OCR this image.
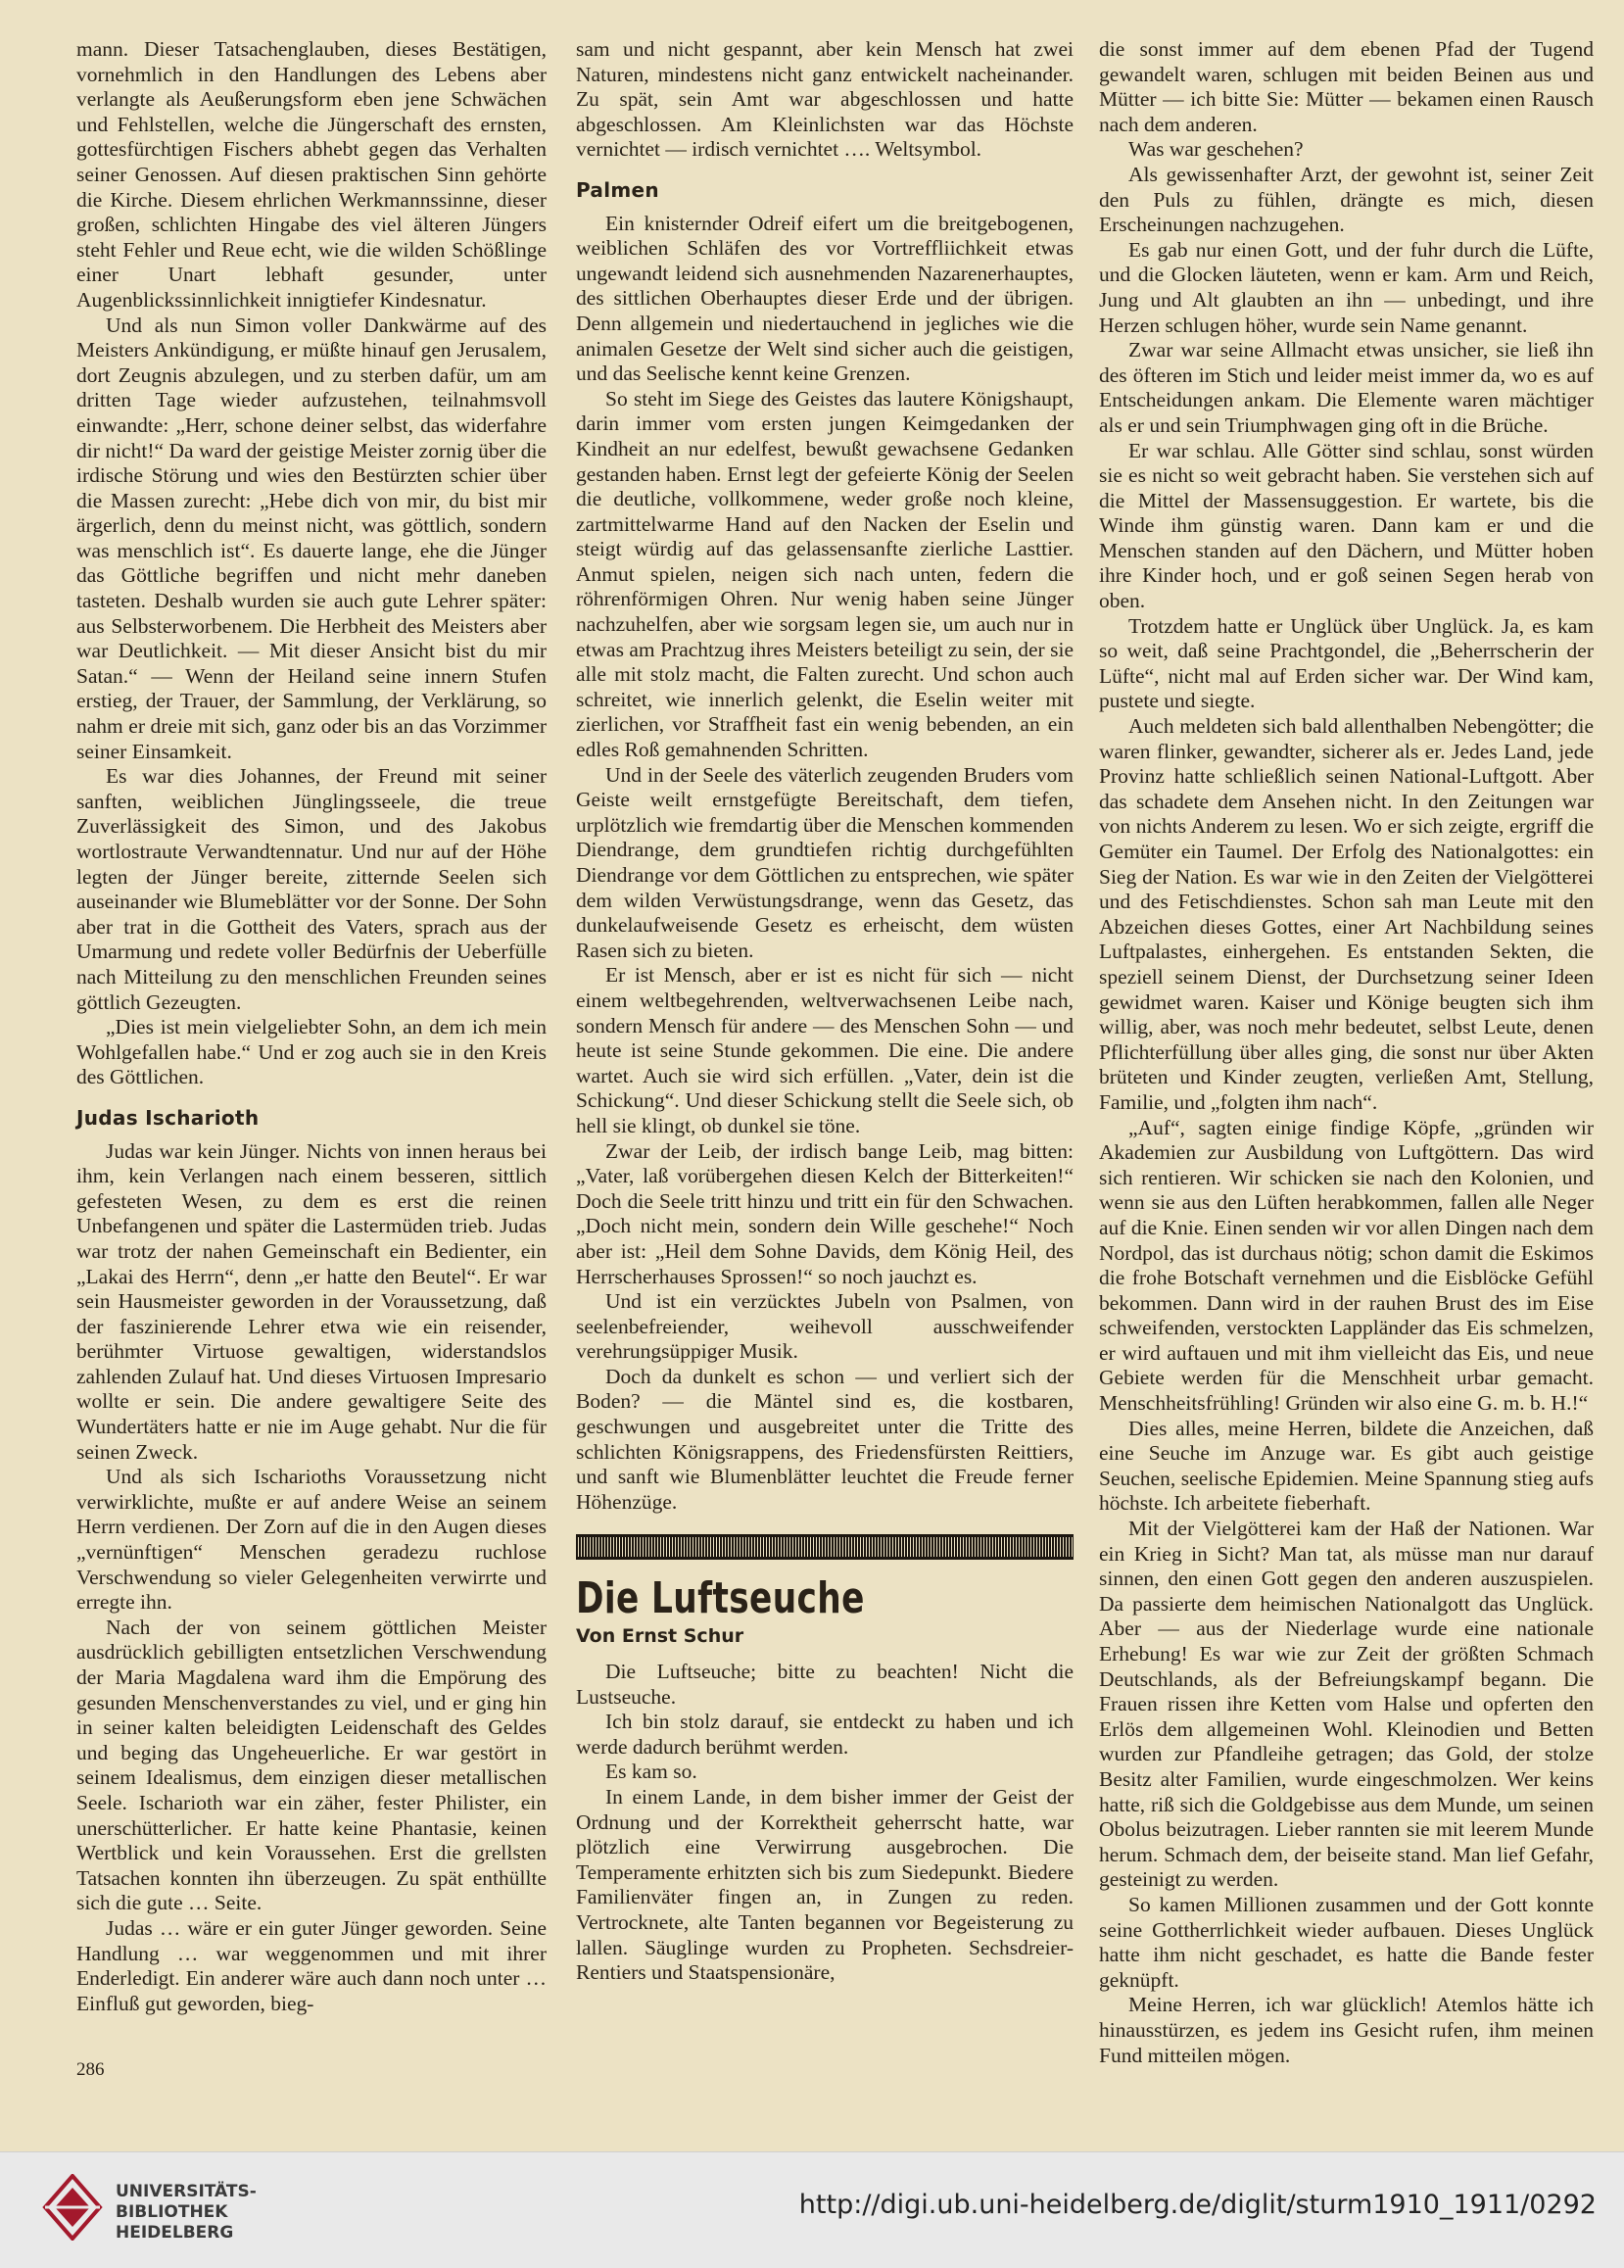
mann. Dieser Tatsachenglauben, dieses Bestätigen, vornehmlich in den Handlungen des Lebens aber verlangte als Aeußerungsform eben jene Schwächen und Fehlstellen, welche die Jüngerschaft des ernsten, gottesfürchtigen Fischers abhebt gegen das Verhalten seiner Genossen. Auf diesen praktischen Sinn gehörte die Kirche. Diesem ehrlichen Werkmannssinne, dieser großen, schlichten Hingabe des viel älteren Jüngers steht Fehler und Reue echt, wie die wilden Schößlinge einer Unart lebhaft gesunder, unter Augenblickssinnlichkeit innigtiefer Kindesnatur.

Und als nun Simon voller Dankwärme auf des Meisters Ankündigung, er müßte hinauf gen Jerusalem, dort Zeugnis abzulegen, und zu sterben dafür, um am dritten Tage wieder aufzustehen, teilnahmsvoll einwandte: „Herr, schone deiner selbst, das widerfahre dir nicht!“ Da ward der geistige Meister zornig über die irdische Störung und wies den Bestürzten schier über die Massen zurecht: „Hebe dich von mir, du bist mir ärgerlich, denn du meinst nicht, was göttlich, sondern was menschlich ist“. Es dauerte lange, ehe die Jünger das Göttliche begriffen und nicht mehr daneben tasteten. Deshalb wurden sie auch gute Lehrer später: aus Selbsterworbenem. Die Herbheit des Meisters aber war Deutlichkeit. — Mit dieser Ansicht bist du mir Satan.“ — Wenn der Heiland seine innern Stufen erstieg, der Trauer, der Sammlung, der Verklärung, so nahm er dreie mit sich, ganz oder bis an das Vorzimmer seiner Einsamkeit.

Es war dies Johannes, der Freund mit seiner sanften, weiblichen Jünglingsseele, die treue Zuverlässigkeit des Simon, und des Jakobus wortlostraute Verwandtennatur. Und nur auf der Höhe legten der Jünger bereite, zitternde Seelen sich auseinander wie Blumeblätter vor der Sonne. Der Sohn aber trat in die Gottheit des Vaters, sprach aus der Umarmung und redete voller Bedürfnis der Ueberfülle nach Mitteilung zu den menschlichen Freunden seines göttlich Gezeugten.

„Dies ist mein vielgeliebter Sohn, an dem ich mein Wohlgefallen habe.“ Und er zog auch sie in den Kreis des Göttlichen.

Judas Ischarioth

Judas war kein Jünger. Nichts von innen heraus bei ihm, kein Verlangen nach einem besseren, sittlich gefesteten Wesen, zu dem es erst die reinen Unbefangenen und später die Lastermüden trieb. Judas war trotz der nahen Gemeinschaft ein Bedienter, ein „Lakai des Herrn“, denn „er hatte den Beutel“. Er war sein Hausmeister geworden in der Voraussetzung, daß der faszinierende Lehrer etwa wie ein reisender, berühmter Virtuose gewaltigen, widerstandslos zahlenden Zulauf hat. Und dieses Virtuosen Impresario wollte er sein. Die andere gewaltigere Seite des Wundertäters hatte er nie im Auge gehabt. Nur die für seinen Zweck.

Und als sich Ischarioths Voraussetzung nicht verwirklichte, mußte er auf andere Weise an seinem Herrn verdienen. Der Zorn auf die in den Augen dieses „vernünftigen“ Menschen geradezu ruchlose Verschwendung so vieler Gelegenheiten verwirrte und erregte ihn.

Nach der von seinem göttlichen Meister ausdrücklich gebilligten entsetzlichen Verschwendung der Maria Magdalena ward ihm die Empörung des gesunden Menschenverstandes zu viel, und er ging hin in seiner kalten beleidigten Leidenschaft des Geldes und beging das Ungeheuerliche. Er war gestört in seinem Idealismus, dem einzigen dieser metallischen Seele. Ischarioth war ein zäher, fester Philister, ein unerschütterlicher. Er hatte keine Phantasie, keinen Wertblick und kein Voraussehen. Erst die grellsten Tatsachen konnten ihn überzeugen. Zu spät enthüllte sich die gute … Seite.

Judas … wäre er ein guter Jünger geworden. Seine Handlung … war weggenommen und mit ihrer Enderledigt. Ein anderer wäre auch dann noch unter … Einfluß gut geworden, bieg-

sam und nicht gespannt, aber kein Mensch hat zwei Naturen, mindestens nicht ganz entwickelt nacheinander. Zu spät, sein Amt war abgeschlossen und hatte abgeschlossen. Am Kleinlichsten war das Höchste vernichtet — irdisch vernichtet …. Weltsymbol.

Palmen

Ein knisternder Odreif eifert um die breitgebogenen, weiblichen Schläfen des vor Vortreffliichkeit etwas ungewandt leidend sich ausnehmenden Nazarenerhauptes, des sittlichen Oberhauptes dieser Erde und der übrigen. Denn allgemein und niedertauchend in jegliches wie die animalen Gesetze der Welt sind sicher auch die geistigen, und das Seelische kennt keine Grenzen.

So steht im Siege des Geistes das lautere Königshaupt, darin immer vom ersten jungen Keimgedanken der Kindheit an nur edelfest, bewußt gewachsene Gedanken gestanden haben. Ernst legt der gefeierte König der Seelen die deutliche, vollkommene, weder große noch kleine, zartmittelwarme Hand auf den Nacken der Eselin und steigt würdig auf das gelassensanfte zierliche Lasttier. Anmut spielen, neigen sich nach unten, federn die röhrenförmigen Ohren. Nur wenig haben seine Jünger nachzuhelfen, aber wie sorgsam legen sie, um auch nur in etwas am Prachtzug ihres Meisters beteiligt zu sein, der sie alle mit stolz macht, die Falten zurecht. Und schon auch schreitet, wie innerlich gelenkt, die Eselin weiter mit zierlichen, vor Straffheit fast ein wenig bebenden, an ein edles Roß gemahnenden Schritten.

Und in der Seele des väterlich zeugenden Bruders vom Geiste weilt ernstgefügte Bereitschaft, dem tiefen, urplötzlich wie fremdartig über die Menschen kommenden Diendrange, dem grundtiefen richtig durchgefühlten Diendrange vor dem Göttlichen zu entsprechen, wie später dem wilden Verwüstungsdrange, wenn das Gesetz, das dunkelaufweisende Gesetz es erheischt, dem wüsten Rasen sich zu bieten.

Er ist Mensch, aber er ist es nicht für sich — nicht einem weltbegehrenden, weltverwachsenen Leibe nach, sondern Mensch für andere — des Menschen Sohn — und heute ist seine Stunde gekommen. Die eine. Die andere wartet. Auch sie wird sich erfüllen. „Vater, dein ist die Schickung“. Und dieser Schickung stellt die Seele sich, ob hell sie klingt, ob dunkel sie töne.

Zwar der Leib, der irdisch bange Leib, mag bitten: „Vater, laß vorübergehen diesen Kelch der Bitterkeiten!“ Doch die Seele tritt hinzu und tritt ein für den Schwachen. „Doch nicht mein, sondern dein Wille geschehe!“ Noch aber ist: „Heil dem Sohne Davids, dem König Heil, des Herrscherhauses Sprossen!“ so noch jauchzt es.

Und ist ein verzücktes Jubeln von Psalmen, von seelenbefreiender, weihevoll ausschweifender verehrungsüppiger Musik.

Doch da dunkelt es schon — und verliert sich der Boden? — die Mäntel sind es, die kostbaren, geschwungen und ausgebreitet unter die Tritte des schlichten Königsrappens, des Friedensfürsten Reittiers, und sanft wie Blumenblätter leuchtet die Freude ferner Höhenzüge.

Die Luftseuche
Von Ernst Schur

Die Luftseuche; bitte zu beachten! Nicht die Lustseuche.

Ich bin stolz darauf, sie entdeckt zu haben und ich werde dadurch berühmt werden.

Es kam so.

In einem Lande, in dem bisher immer der Geist der Ordnung und der Korrektheit geherrscht hatte, war plötzlich eine Verwirrung ausgebrochen. Die Temperamente erhitzten sich bis zum Siedepunkt. Biedere Familienväter fingen an, in Zungen zu reden. Vertrocknete, alte Tanten begannen vor Begeisterung zu lallen. Säuglinge wurden zu Propheten. Sechsdreier-Rentiers und Staatspensionäre,

die sonst immer auf dem ebenen Pfad der Tugend gewandelt waren, schlugen mit beiden Beinen aus und Mütter — ich bitte Sie: Mütter — bekamen einen Rausch nach dem anderen.

Was war geschehen?

Als gewissenhafter Arzt, der gewohnt ist, seiner Zeit den Puls zu fühlen, drängte es mich, diesen Erscheinungen nachzugehen.

Es gab nur einen Gott, und der fuhr durch die Lüfte, und die Glocken läuteten, wenn er kam. Arm und Reich, Jung und Alt glaubten an ihn — unbedingt, und ihre Herzen schlugen höher, wurde sein Name genannt.

Zwar war seine Allmacht etwas unsicher, sie ließ ihn des öfteren im Stich und leider meist immer da, wo es auf Entscheidungen ankam. Die Elemente waren mächtiger als er und sein Triumphwagen ging oft in die Brüche.

Er war schlau. Alle Götter sind schlau, sonst würden sie es nicht so weit gebracht haben. Sie verstehen sich auf die Mittel der Massensuggestion. Er wartete, bis die Winde ihm günstig waren. Dann kam er und die Menschen standen auf den Dächern, und Mütter hoben ihre Kinder hoch, und er goß seinen Segen herab von oben.

Trotzdem hatte er Unglück über Unglück. Ja, es kam so weit, daß seine Prachtgondel, die „Beherrscherin der Lüfte“, nicht mal auf Erden sicher war. Der Wind kam, pustete und siegte.

Auch meldeten sich bald allenthalben Nebengötter; die waren flinker, gewandter, sicherer als er. Jedes Land, jede Provinz hatte schließlich seinen National-Luftgott. Aber das schadete dem Ansehen nicht. In den Zeitungen war von nichts Anderem zu lesen. Wo er sich zeigte, ergriff die Gemüter ein Taumel. Der Erfolg des Nationalgottes: ein Sieg der Nation. Es war wie in den Zeiten der Vielgötterei und des Fetischdienstes. Schon sah man Leute mit den Abzeichen dieses Gottes, einer Art Nachbildung seines Luftpalastes, einhergehen. Es entstanden Sekten, die speziell seinem Dienst, der Durchsetzung seiner Ideen gewidmet waren. Kaiser und Könige beugten sich ihm willig, aber, was noch mehr bedeutet, selbst Leute, denen Pflichterfüllung über alles ging, die sonst nur über Akten brüteten und Kinder zeugten, verließen Amt, Stellung, Familie, und „folgten ihm nach“.

„Auf“, sagten einige findige Köpfe, „gründen wir Akademien zur Ausbildung von Luftgöttern. Das wird sich rentieren. Wir schicken sie nach den Kolonien, und wenn sie aus den Lüften herabkommen, fallen alle Neger auf die Knie. Einen senden wir vor allen Dingen nach dem Nordpol, das ist durchaus nötig; schon damit die Eskimos die frohe Botschaft vernehmen und die Eisblöcke Gefühl bekommen. Dann wird in der rauhen Brust des im Eise schweifenden, verstockten Lappländer das Eis schmelzen, er wird auftauen und mit ihm vielleicht das Eis, und neue Gebiete werden für die Menschheit urbar gemacht. Menschheitsfrühling! Gründen wir also eine G. m. b. H.!“

Dies alles, meine Herren, bildete die Anzeichen, daß eine Seuche im Anzuge war. Es gibt auch geistige Seuchen, seelische Epidemien. Meine Spannung stieg aufs höchste. Ich arbeitete fieberhaft.

Mit der Vielgötterei kam der Haß der Nationen. War ein Krieg in Sicht? Man tat, als müsse man nur darauf sinnen, den einen Gott gegen den anderen auszuspielen. Da passierte dem heimischen Nationalgott das Unglück. Aber — aus der Niederlage wurde eine nationale Erhebung! Es war wie zur Zeit der größten Schmach Deutschlands, als der Befreiungskampf begann. Die Frauen rissen ihre Ketten vom Halse und opferten den Erlös dem allgemeinen Wohl. Kleinodien und Betten wurden zur Pfandleihe getragen; das Gold, der stolze Besitz alter Familien, wurde eingeschmolzen. Wer keins hatte, riß sich die Goldgebisse aus dem Munde, um seinen Obolus beizutragen. Lieber rannten sie mit leerem Munde herum. Schmach dem, der beiseite stand. Man lief Gefahr, gesteinigt zu werden.

So kamen Millionen zusammen und der Gott konnte seine Gottherrlichkeit wieder aufbauen. Dieses Unglück hatte ihm nicht geschadet, es hatte die Bande fester geknüpft.

Meine Herren, ich war glücklich! Atemlos hätte ich hinausstürzen, es jedem ins Gesicht rufen, ihm meinen Fund mitteilen mögen.

286
UNIVERSITÄTS-
BIBLIOTHEK
HEIDELBERG
http://digi.ub.uni-heidelberg.de/diglit/sturm1910_1911/0292
